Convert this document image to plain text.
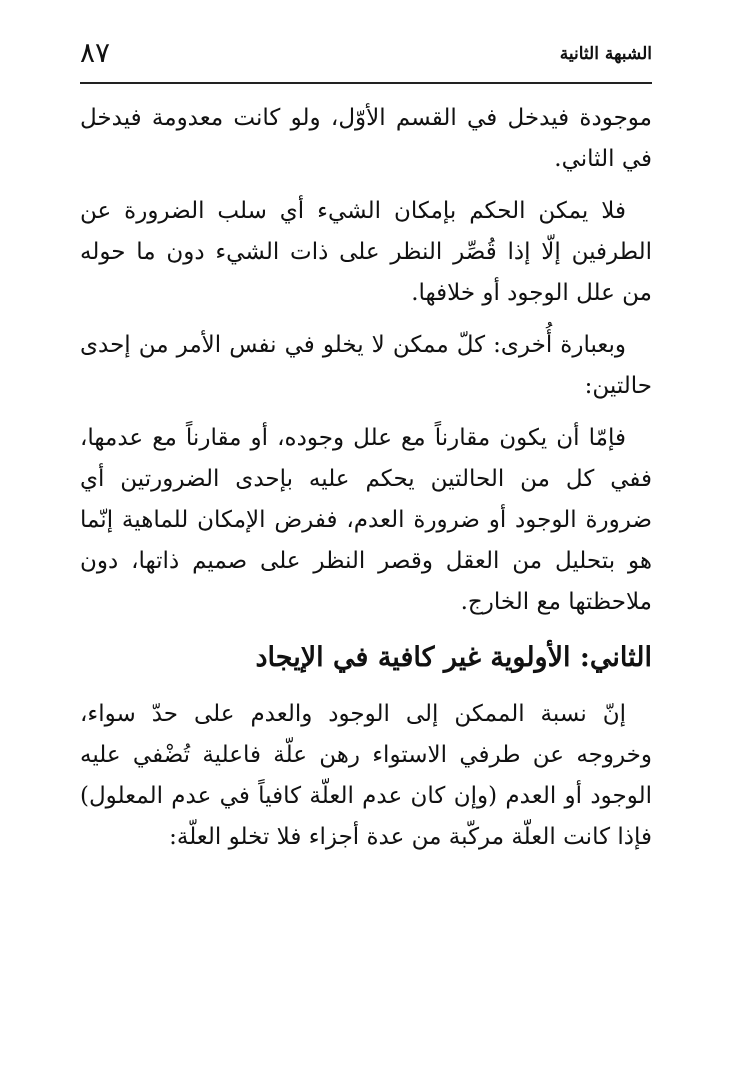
٨٧	الشبهة الثانية

موجودة فيدخل في القسم الأوّل، ولو كانت معدومة فيدخل في الثاني.

فلا يمكن الحكم بإمكان الشيء أي سلب الضرورة عن الطرفين إلّا إذا قُصِّر النظر على ذات الشيء دون ما حوله من علل الوجود أو خلافها.

وبعبارة أُخرى: كلّ ممكن لا يخلو في نفس الأمر من إحدى حالتين:

فإمّا أن يكون مقارناً مع علل وجوده، أو مقارناً مع عدمها، ففي كل من الحالتين يحكم عليه بإحدى الضرورتين أي ضرورة الوجود أو ضرورة العدم، ففرض الإمكان للماهية إنّما هو بتحليل من العقل وقصر النظر على صميم ذاتها، دون ملاحظتها مع الخارج.

الثاني: الأولوية غير كافية في الإيجاد

إنّ نسبة الممكن إلى الوجود والعدم على حدّ سواء، وخروجه عن طرفي الاستواء رهن علّة فاعلية تُضْفي عليه الوجود أو العدم (وإن كان عدم العلّة كافياً في عدم المعلول) فإذا كانت العلّة مركّبة من عدة أجزاء فلا تخلو العلّة:
